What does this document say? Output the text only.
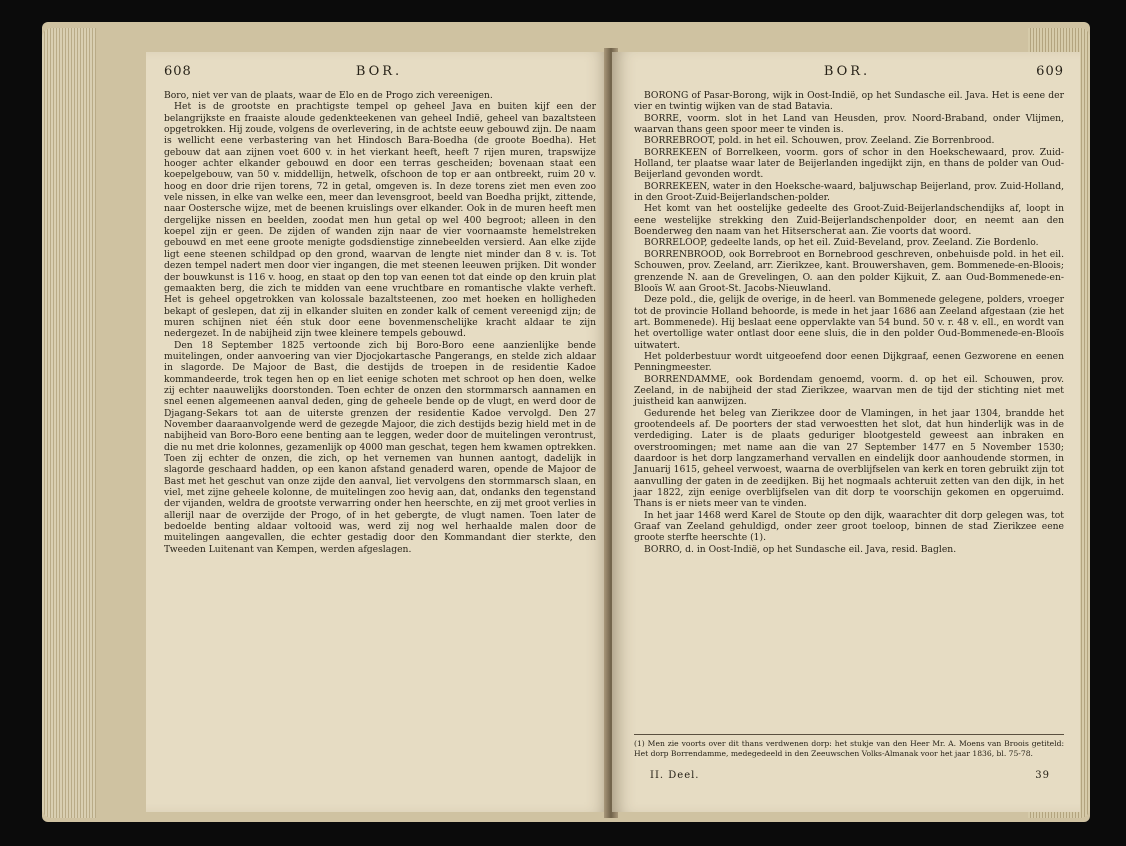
608	BOR.

Boro, niet ver van de plaats, waar de Elo en de Progo zich vereenigen.

Het is de grootste en prachtigste tempel op geheel Java en buiten kijf een der belangrijkste en fraaiste aloude gedenkteekenen van geheel Indië, geheel van bazaltsteen opgetrokken. Hij zoude, volgens de overlevering, in de achtste eeuw gebouwd zijn. De naam is wellicht eene verbastering van het Hindosch Bara-Boedha (de groote Boedha). Het gebouw dat aan zijnen voet 600 v. in het vierkant heeft, heeft 7 rijen muren, trapswijze hooger achter elkander gebouwd en door een terras gescheiden; bovenaan staat een koepelgebouw, van 50 v. middellijn, hetwelk, ofschoon de top er aan ontbreekt, ruim 20 v. hoog en door drie rijen torens, 72 in getal, omgeven is. In deze torens ziet men even zoo vele nissen, in elke van welke een, meer dan levensgroot, beeld van Boedha prijkt, zittende, naar Oostersche wijze, met de beenen kruislings over elkander. Ook in de muren heeft men dergelijke nissen en beelden, zoodat men hun getal op wel 400 begroot; alleen in den koepel zijn er geen. De zijden of wanden zijn naar de vier voornaamste hemelstreken gebouwd en met eene groote menigte godsdienstige zinnebeelden versierd. Aan elke zijde ligt eene steenen schildpad op den grond, waarvan de lengte niet minder dan 8 v. is. Tot dezen tempel nadert men door vier ingangen, die met steenen leeuwen prijken. Dit wonder der bouwkunst is 116 v. hoog, en staat op den top van eenen tot dat einde op den kruin plat gemaakten berg, die zich te midden van eene vruchtbare en romantische vlakte verheft. Het is geheel opgetrokken van kolossale bazaltsteenen, zoo met hoeken en holligheden bekapt of geslepen, dat zij in elkander sluiten en zonder kalk of cement vereenigd zijn; de muren schijnen niet één stuk door eene bovenmenschelijke kracht aldaar te zijn nedergezet. In de nabijheid zijn twee kleinere tempels gebouwd.

Den 18 September 1825 vertoonde zich bij Boro-Boro eene aanzienlijke bende muitelingen, onder aanvoering van vier Djocjokartasche Pangerangs, en stelde zich aldaar in slagorde. De Majoor de Bast, die destijds de troepen in de residentie Kadoe kommandeerde, trok tegen hen op en liet eenige schoten met schroot op hen doen, welke zij echter naauwelijks doorstonden. Toen echter de onzen den stormmarsch aannamen en snel eenen algemeenen aanval deden, ging de geheele bende op de vlugt, en werd door de Djagang-Sekars tot aan de uiterste grenzen der residentie Kadoe vervolgd. Den 27 November daaraanvolgende werd de gezegde Majoor, die zich destijds bezig hield met in de nabijheid van Boro-Boro eene benting aan te leggen, weder door de muitelingen verontrust, die nu met drie kolonnes, gezamenlijk op 4000 man geschat, tegen hem kwamen optrekken. Toen zij echter de onzen, die zich, op het vernemen van hunnen aantogt, dadelijk in slagorde geschaard hadden, op een kanon afstand genaderd waren, opende de Majoor de Bast met het geschut van onze zijde den aanval, liet vervolgens den stormmarsch slaan, en viel, met zijne geheele kolonne, de muitelingen zoo hevig aan, dat, ondanks den tegenstand der vijanden, weldra de grootste verwarring onder hen heerschte, en zij met groot verlies in allerijl naar de overzijde der Progo, of in het gebergte, de vlugt namen. Toen later de bedoelde benting aldaar voltooid was, werd zij nog wel herhaalde malen door de muitelingen aangevallen, die echter gestadig door den Kommandant dier sterkte, den Tweeden Luitenant van Kempen, werden afgeslagen.

BOR.	609

BORONG of Pasar-Borong, wijk in Oost-Indië, op het Sundasche eil. Java. Het is eene der vier en twintig wijken van de stad Batavia.

BORRE, voorm. slot in het Land van Heusden, prov. Noord-Braband, onder Vlijmen, waarvan thans geen spoor meer te vinden is.

BORREBROOT, pold. in het eil. Schouwen, prov. Zeeland. Zie Borrenbrood.

BORREKEEN of Borrelkeen, voorm. gors of schor in den Hoekschewaard, prov. Zuid-Holland, ter plaatse waar later de Beijerlanden ingedijkt zijn, en thans de polder van Oud-Beijerland gevonden wordt.

BORREKEEN, water in den Hoeksche-waard, baljuwschap Beijerland, prov. Zuid-Holland, in den Groot-Zuid-Beijerlandschen-polder.

Het komt van het oostelijke gedeelte des Groot-Zuid-Beijerlandschendijks af, loopt in eene westelijke strekking den Zuid-Beijerlandschenpolder door, en neemt aan den Boenderweg den naam van het Hitserscheгat aan. Zie voorts dat woord.

BORRELOOP, gedeelte lands, op het eil. Zuid-Beveland, prov. Zeeland. Zie Bordenlo.

BORRENBROOD, ook Borrebroot en Bornebrood geschreven, onbehuisde pold. in het eil. Schouwen, prov. Zeeland, arr. Zierikzee, kant. Brouwershaven, gem. Bommenede-en-Bloois; grenzende N. aan de Grevelingen, O. aan den polder Kijkuit, Z. aan Oud-Bommenede-en-Blooïs W. aan Groot-St. Jacobs-Nieuwland.

Deze pold., die, gelijk de overige, in de heerl. van Bommenede gelegene, polders, vroeger tot de provincie Holland behoorde, is mede in het jaar 1686 aan Zeeland afgestaan (zie het art. Bommenede). Hij beslaat eene oppervlakte van 54 bund. 50 v. r. 48 v. ell., en wordt van het overtollige water ontlast door eene sluis, die in den polder Oud-Bommenede-en-Blooïs uitwatert.

Het polderbestuur wordt uitgeoefend door eenen Dijkgraaf, eenen Gezworene en eenen Penningmeester.

BORRENDAMME, ook Bordendam genoemd, voorm. d. op het eil. Schouwen, prov. Zeeland, in de nabijheid der stad Zierikzee, waarvan men de tijd der stichting niet met juistheid kan aanwijzen.

Gedurende het beleg van Zierikzee door de Vlamingen, in het jaar 1304, brandde het grootendeels af. De poorters der stad verwoestten het slot, dat hun hinderlijk was in de verdediging. Later is de plaats geduriger blootgesteld geweest aan inbraken en overstroomingen; met name aan die van 27 September 1477 en 5 November 1530; daardoor is het dorp langzamerhand vervallen en eindelijk door aanhoudende stormen, in Januarij 1615, geheel verwoest, waarna de overblijfselen van kerk en toren gebruikt zijn tot aanvulling der gaten in de zeedijken. Bij het nogmaals achteruit zetten van den dijk, in het jaar 1822, zijn eenige overblijfselen van dit dorp te voorschijn gekomen en opgeruimd. Thans is er niets meer van te vinden.

In het jaar 1468 werd Karel de Stoute op den dijk, waarachter dit dorp gelegen was, tot Graaf van Zeeland gehuldigd, onder zeer groot toeloop, binnen de stad Zierikzee eene groote sterfte heerschte (1).

BORRO, d. in Oost-Indië, op het Sundasche eil. Java, resid. Baglen.

(1) Men zie voorts over dit thans verdwenen dorp: het stukje van den Heer Mr. A. Moens van Broois getiteld: Het dorp Borrendamme, medegedeeld in den Zeeuwschen Volks-Almanak voor het jaar 1836, bl. 75-78.
II. Deel.	39
